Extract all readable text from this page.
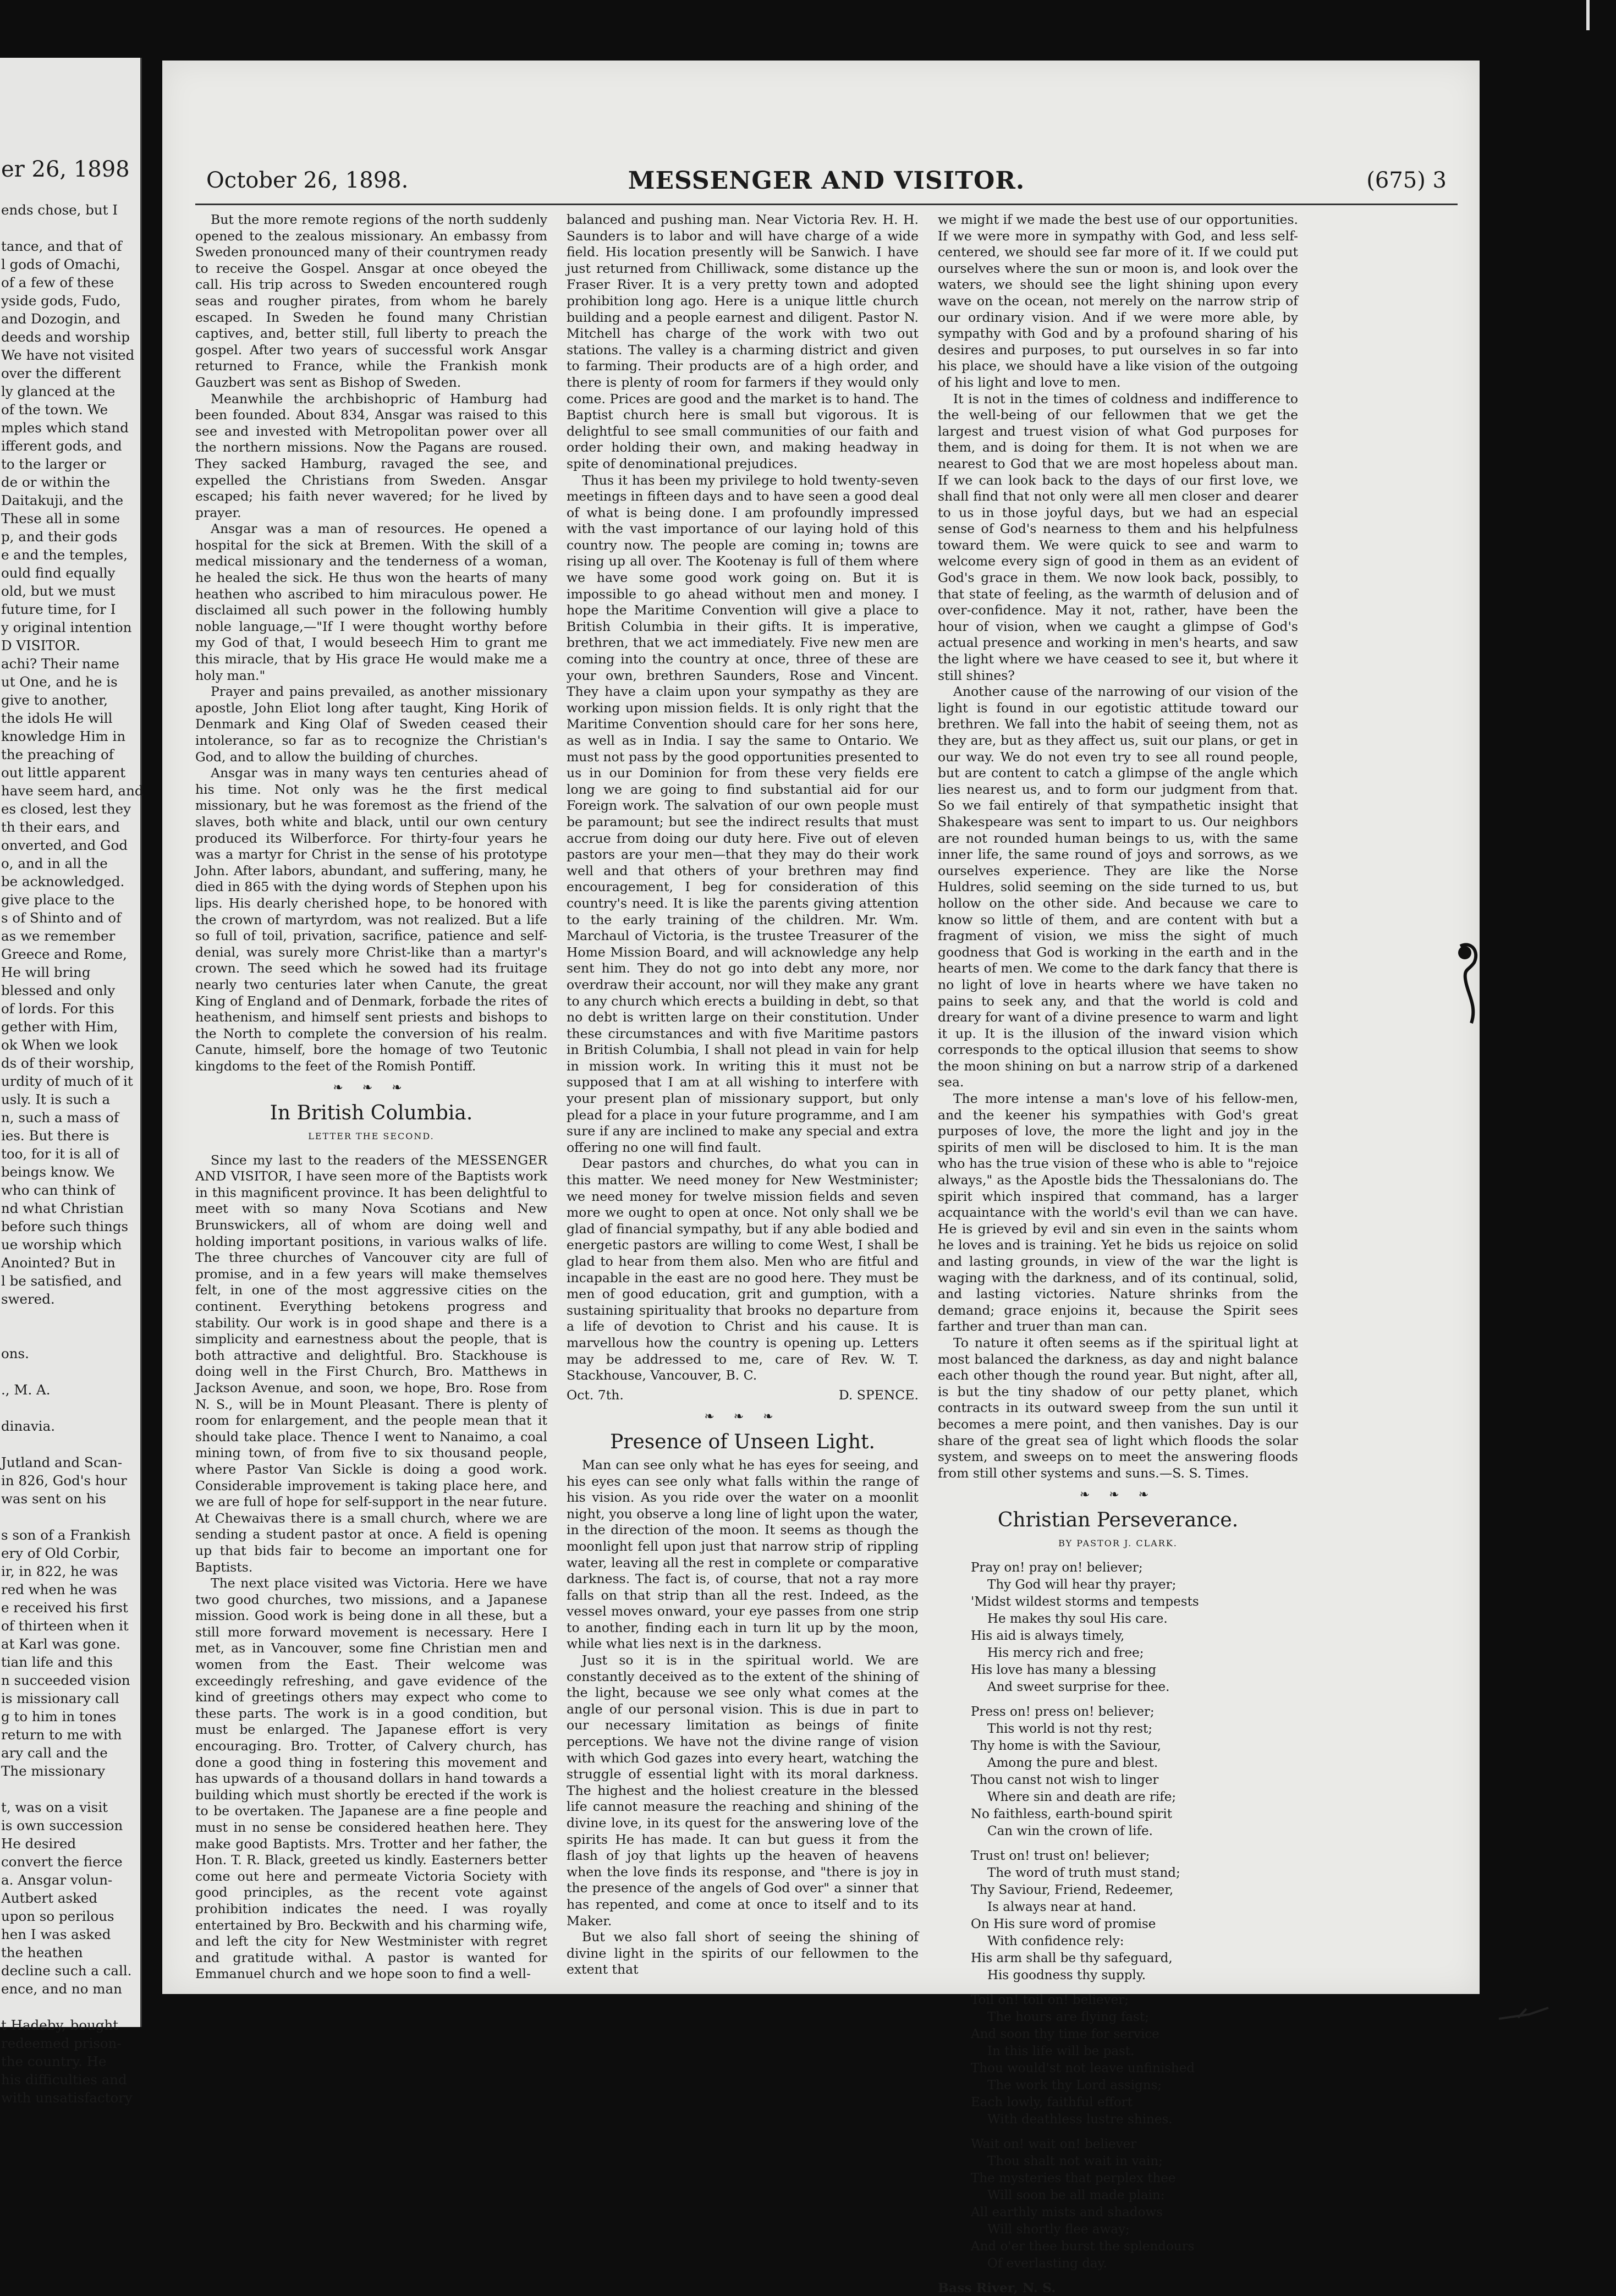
er 26, 1898
ends chose, but I
tance, and that of
l gods of Omachi,
of a few of these
yside gods, Fudo,
and Dozogin, and
deeds and worship
We have not visited
over the different
ly glanced at the
of the town. We
mples which stand
ifferent gods, and
to the larger or
de or within the
Daitakuji, and the
These all in some
p, and their gods
e and the temples,
ould find equally
old, but we must
future time, for I
y original intention
D VISITOR.
achi? Their name
ut One, and he is
give to another,
the idols He will
knowledge Him in
the preaching of
out little apparent
have seem hard, and
es closed, lest they
th their ears, and
onverted, and God
o, and in all the
be acknowledged.
give place to the
s of Shinto and of
as we remember
Greece and Rome,
He will bring
blessed and only
of lords. For this
gether with Him,
ok When we look
ds of their worship,
urdity of much of it
usly. It is such a
n, such a mass of
ies. But there is
too, for it is all of
beings know. We
who can think of
nd what Christian
before such things
ue worship which
Anointed? But in
l be satisfied, and
swered.
ons.
., M. A.
dinavia.
Jutland and Scan-
in 826, God's hour
was sent on his
s son of a Frankish
ery of Old Corbir,
ir, in 822, he was
red when he was
e received his first
of thirteen when it
at Karl was gone.
tian life and this
n succeeded vision
is missionary call
g to him in tones
return to me with
ary call and the
The missionary
t, was on a visit
is own succession
He desired
convert the fierce
a. Ansgar volun-
Autbert asked
upon so perilous
hen I was asked
the heathen
decline such a call.
ence, and no man
t Hadeby, bought
redeemed prison-
the country. He
his difficulties and
with unsatisfactory
October 26, 1898.	MESSENGER AND VISITOR.	(675) 3

But the more remote regions of the north suddenly opened to the zealous missionary. An embassy from Sweden pronounced many of their countrymen ready to receive the Gospel. Ansgar at once obeyed the call. His trip across to Sweden encountered rough seas and rougher pirates, from whom he barely escaped. In Sweden he found many Christian captives, and, better still, full liberty to preach the gospel. After two years of successful work Ansgar returned to France, while the Frankish monk Gauzbert was sent as Bishop of Sweden.

Meanwhile the archbishopric of Hamburg had been founded. About 834, Ansgar was raised to this see and invested with Metropolitan power over all the northern missions. Now the Pagans are roused. They sacked Hamburg, ravaged the see, and expelled the Christians from Sweden. Ansgar escaped; his faith never wavered; for he lived by prayer.

Ansgar was a man of resources. He opened a hospital for the sick at Bremen. With the skill of a medical missionary and the tenderness of a woman, he healed the sick. He thus won the hearts of many heathen who ascribed to him miraculous power. He disclaimed all such power in the following humbly noble language,—"If I were thought worthy before my God of that, I would beseech Him to grant me this miracle, that by His grace He would make me a holy man."

Prayer and pains prevailed, as another missionary apostle, John Eliot long after taught, King Horik of Denmark and King Olaf of Sweden ceased their intolerance, so far as to recognize the Christian's God, and to allow the building of churches.

Ansgar was in many ways ten centuries ahead of his time. Not only was he the first medical missionary, but he was foremost as the friend of the slaves, both white and black, until our own century produced its Wilberforce. For thirty-four years he was a martyr for Christ in the sense of his prototype John. After labors, abundant, and suffering, many, he died in 865 with the dying words of Stephen upon his lips. His dearly cherished hope, to be honored with the crown of martyrdom, was not realized. But a life so full of toil, privation, sacrifice, patience and self-denial, was surely more Christ-like than a martyr's crown. The seed which he sowed had its fruitage nearly two centuries later when Canute, the great King of England and of Denmark, forbade the rites of heathenism, and himself sent priests and bishops to the North to complete the conversion of his realm. Canute, himself, bore the homage of two Teutonic kingdoms to the feet of the Romish Pontiff.

❧ ❧ ❧
In British Columbia.
LETTER THE SECOND.

Since my last to the readers of the MESSENGER AND VISITOR, I have seen more of the Baptists work in this magnificent province. It has been delightful to meet with so many Nova Scotians and New Brunswickers, all of whom are doing well and holding important positions, in various walks of life. The three churches of Vancouver city are full of promise, and in a few years will make themselves felt, in one of the most aggressive cities on the continent. Everything betokens progress and stability. Our work is in good shape and there is a simplicity and earnestness about the people, that is both attractive and delightful. Bro. Stackhouse is doing well in the First Church, Bro. Matthews in Jackson Avenue, and soon, we hope, Bro. Rose from N. S., will be in Mount Pleasant. There is plenty of room for enlargement, and the people mean that it should take place. Thence I went to Nanaimo, a coal mining town, of from five to six thousand people, where Pastor Van Sickle is doing a good work. Considerable improvement is taking place here, and we are full of hope for self-support in the near future. At Chewaivas there is a small church, where we are sending a student pastor at once. A field is opening up that bids fair to become an important one for Baptists.

The next place visited was Victoria. Here we have two good churches, two missions, and a Japanese mission. Good work is being done in all these, but a still more forward movement is necessary. Here I met, as in Vancouver, some fine Christian men and women from the East. Their welcome was exceedingly refreshing, and gave evidence of the kind of greetings others may expect who come to these parts. The work is in a good condition, but must be enlarged. The Japanese effort is very encouraging. Bro. Trotter, of Calvery church, has done a good thing in fostering this movement and has upwards of a thousand dollars in hand towards a building which must shortly be erected if the work is to be overtaken. The Japanese are a fine people and must in no sense be considered heathen here. They make good Baptists. Mrs. Trotter and her father, the Hon. T. R. Black, greeted us kindly. Easterners better come out here and permeate Victoria Society with good principles, as the recent vote against prohibition indicates the need. I was royally entertained by Bro. Beckwith and his charming wife, and left the city for New Westminister with regret and gratitude withal. A pastor is wanted for Emmanuel church and we hope soon to find a well-

balanced and pushing man. Near Victoria Rev. H. H. Saunders is to labor and will have charge of a wide field. His location presently will be Sanwich. I have just returned from Chilliwack, some distance up the Fraser River. It is a very pretty town and adopted prohibition long ago. Here is a unique little church building and a people earnest and diligent. Pastor N. Mitchell has charge of the work with two out stations. The valley is a charming district and given to farming. Their products are of a high order, and there is plenty of room for farmers if they would only come. Prices are good and the market is to hand. The Baptist church here is small but vigorous. It is delightful to see small communities of our faith and order holding their own, and making headway in spite of denominational prejudices.

Thus it has been my privilege to hold twenty-seven meetings in fifteen days and to have seen a good deal of what is being done. I am profoundly impressed with the vast importance of our laying hold of this country now. The people are coming in; towns are rising up all over. The Kootenay is full of them where we have some good work going on. But it is impossible to go ahead without men and money. I hope the Maritime Convention will give a place to British Columbia in their gifts. It is imperative, brethren, that we act immediately. Five new men are coming into the country at once, three of these are your own, brethren Saunders, Rose and Vincent. They have a claim upon your sympathy as they are working upon mission fields. It is only right that the Maritime Convention should care for her sons here, as well as in India. I say the same to Ontario. We must not pass by the good opportunities presented to us in our Dominion for from these very fields ere long we are going to find substantial aid for our Foreign work. The salvation of our own people must be paramount; but see the indirect results that must accrue from doing our duty here. Five out of eleven pastors are your men—that they may do their work well and that others of your brethren may find encouragement, I beg for consideration of this country's need. It is like the parents giving attention to the early training of the children. Mr. Wm. Marchaul of Victoria, is the trustee Treasurer of the Home Mission Board, and will acknowledge any help sent him. They do not go into debt any more, nor overdraw their account, nor will they make any grant to any church which erects a building in debt, so that no debt is written large on their constitution. Under these circumstances and with five Maritime pastors in British Columbia, I shall not plead in vain for help in mission work. In writing this it must not be supposed that I am at all wishing to interfere with your present plan of missionary support, but only plead for a place in your future programme, and I am sure if any are inclined to make any special and extra offering no one will find fault.

Dear pastors and churches, do what you can in this matter. We need money for New Westminister; we need money for twelve mission fields and seven more we ought to open at once. Not only shall we be glad of financial sympathy, but if any able bodied and energetic pastors are willing to come West, I shall be glad to hear from them also. Men who are fitful and incapable in the east are no good here. They must be men of good education, grit and gumption, with a sustaining spirituality that brooks no departure from a life of devotion to Christ and his cause. It is marvellous how the country is opening up. Letters may be addressed to me, care of Rev. W. T. Stackhouse, Vancouver, B. C.

Oct. 7th.	D. SPENCE.
❧ ❧ ❧
Presence of Unseen Light.

Man can see only what he has eyes for seeing, and his eyes can see only what falls within the range of his vision. As you ride over the water on a moonlit night, you observe a long line of light upon the water, in the direction of the moon. It seems as though the moonlight fell upon just that narrow strip of rippling water, leaving all the rest in complete or comparative darkness. The fact is, of course, that not a ray more falls on that strip than all the rest. Indeed, as the vessel moves onward, your eye passes from one strip to another, finding each in turn lit up by the moon, while what lies next is in the darkness.

Just so it is in the spiritual world. We are constantly deceived as to the extent of the shining of the light, because we see only what comes at the angle of our personal vision. This is due in part to our necessary limitation as beings of finite perceptions. We have not the divine range of vision with which God gazes into every heart, watching the struggle of essential light with its moral darkness. The highest and the holiest creature in the blessed life cannot measure the reaching and shining of the divine love, in its quest for the answering love of the spirits He has made. It can but guess it from the flash of joy that lights up the heaven of heavens when the love finds its response, and "there is joy in the presence of the angels of God over" a sinner that has repented, and come at once to itself and to its Maker.

But we also fall short of seeing the shining of divine light in the spirits of our fellowmen to the extent that

we might if we made the best use of our opportunities. If we were more in sympathy with God, and less self-centered, we should see far more of it. If we could put ourselves where the sun or moon is, and look over the waters, we should see the light shining upon every wave on the ocean, not merely on the narrow strip of our ordinary vision. And if we were more able, by sympathy with God and by a profound sharing of his desires and purposes, to put ourselves in so far into his place, we should have a like vision of the outgoing of his light and love to men.

It is not in the times of coldness and indifference to the well-being of our fellowmen that we get the largest and truest vision of what God purposes for them, and is doing for them. It is not when we are nearest to God that we are most hopeless about man. If we can look back to the days of our first love, we shall find that not only were all men closer and dearer to us in those joyful days, but we had an especial sense of God's nearness to them and his helpfulness toward them. We were quick to see and warm to welcome every sign of good in them as an evident of God's grace in them. We now look back, possibly, to that state of feeling, as the warmth of delusion and of over-confidence. May it not, rather, have been the hour of vision, when we caught a glimpse of God's actual presence and working in men's hearts, and saw the light where we have ceased to see it, but where it still shines?

Another cause of the narrowing of our vision of the light is found in our egotistic attitude toward our brethren. We fall into the habit of seeing them, not as they are, but as they affect us, suit our plans, or get in our way. We do not even try to see all round people, but are content to catch a glimpse of the angle which lies nearest us, and to form our judgment from that. So we fail entirely of that sympathetic insight that Shakespeare was sent to impart to us. Our neighbors are not rounded human beings to us, with the same inner life, the same round of joys and sorrows, as we ourselves experience. They are like the Norse Huldres, solid seeming on the side turned to us, but hollow on the other side. And because we care to know so little of them, and are content with but a fragment of vision, we miss the sight of much goodness that God is working in the earth and in the hearts of men. We come to the dark fancy that there is no light of love in hearts where we have taken no pains to seek any, and that the world is cold and dreary for want of a divine presence to warm and light it up. It is the illusion of the inward vision which corresponds to the optical illusion that seems to show the moon shining on but a narrow strip of a darkened sea.

The more intense a man's love of his fellow-men, and the keener his sympathies with God's great purposes of love, the more the light and joy in the spirits of men will be disclosed to him. It is the man who has the true vision of these who is able to "rejoice always," as the Apostle bids the Thessalonians do. The spirit which inspired that command, has a larger acquaintance with the world's evil than we can have. He is grieved by evil and sin even in the saints whom he loves and is training. Yet he bids us rejoice on solid and lasting grounds, in view of the war the light is waging with the darkness, and of its continual, solid, and lasting victories. Nature shrinks from the demand; grace enjoins it, because the Spirit sees farther and truer than man can.

To nature it often seems as if the spiritual light at most balanced the darkness, as day and night balance each other though the round year. But night, after all, is but the tiny shadow of our petty planet, which contracts in its outward sweep from the sun until it becomes a mere point, and then vanishes. Day is our share of the great sea of light which floods the solar system, and sweeps on to meet the answering floods from still other systems and suns.—S. S. Times.

❧ ❧ ❧
Christian Perseverance.
BY PASTOR J. CLARK.
Pray on! pray on! believer;
Thy God will hear thy prayer;
'Midst wildest storms and tempests
He makes thy soul His care.
His aid is always timely,
His mercy rich and free;
His love has many a blessing
And sweet surprise for thee.
Press on! press on! believer;
This world is not thy rest;
Thy home is with the Saviour,
Among the pure and blest.
Thou canst not wish to linger
Where sin and death are rife;
No faithless, earth-bound spirit
Can win the crown of life.
Trust on! trust on! believer;
The word of truth must stand;
Thy Saviour, Friend, Redeemer,
Is always near at hand.
On His sure word of promise
With confidence rely:
His arm shall be thy safeguard,
His goodness thy supply.
Toil on! toil on! believer;
The hours are flying fast;
And soon thy time for service
In this life will be past.
Thou would'st not leave unfinished
The work thy Lord assigns;
Each lowly, faithful effort
With deathless lustre shines.
Wait on! wait on! believer
Thou shalt not wait in vain;
The mysteries that perplex thee
Will soon be all made plain:
All earthly mists and shadows
Will shortly flee away;
And o'er thee burst the splendours
Of everlasting day.
Bass River, N. S.
